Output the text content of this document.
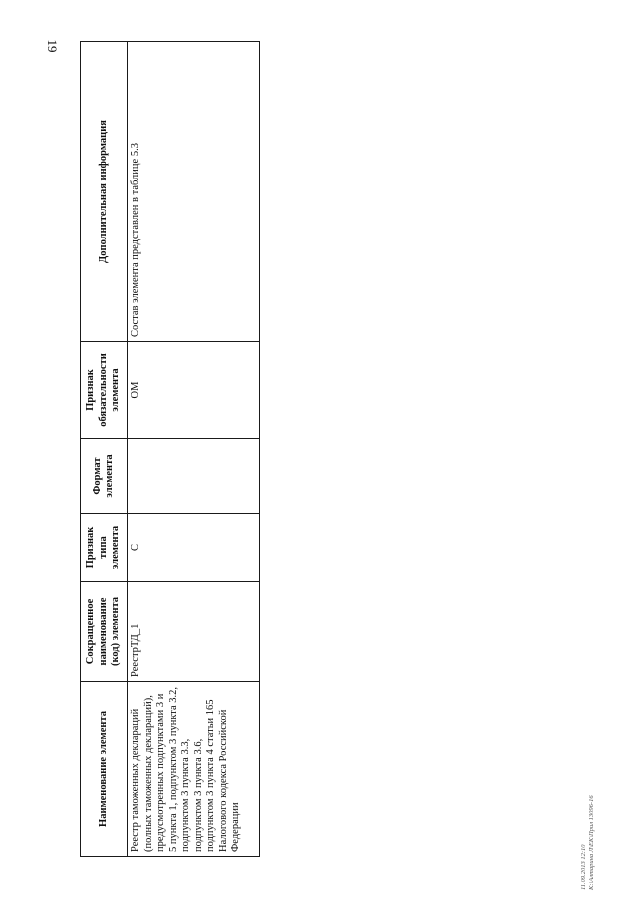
19
Наименование элемента	Сокращенное наименование (код) элемента	Признак типа элемента	Формат элемента	Признак обязательности элемента	Дополнительная информация
Реестр таможенных деклараций (полных таможенных деклараций), предусмотренных подпунктами 3 и 5 пункта 1, подпунктом 3 пункта 3.2, подпунктом 3 пункта 3.3, подпунктом 3 пункта 3.6, подпунктом 3 пункта 4 статьи 165 Налогового кодекса Российской Федерации	РеестрТД_1	С		ОМ	Состав элемента представлен в таблице 5.3
11.09.2013 12:10 К:\Алтарина Л\ЕК\Прил 13096-16
